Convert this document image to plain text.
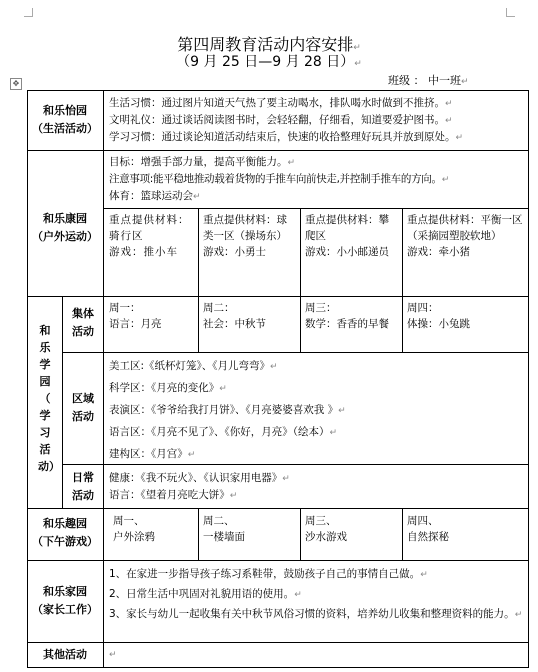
第四周教育活动内容安排↵
（9 月 25 日—9 月 28 日）↵
班级 ： 中一班↵
✥
和乐怡园
（生活活动）
生活习惯：通过图片知道天气热了要主动喝水，排队喝水时做到不推挤。↵
文明礼仪：通过谈话阅读图书时，会轻轻翻，仔细看，知道要爱护图书。↵
学习习惯：通过谈论知道活动结束后，快速的收拾整理好玩具并放到原处。↵
和乐康园
（户外运动）
目标：增强手部力量，提高平衡能力。↵
注意事项:能平稳地推动载着货物的手推车向前快走,并控制手推车的方向。↵
体育：篮球运动会↵
重点提供材料：骑行区
游戏：推小车
重点提供材料：球类一区（操场东）
游戏：小勇士
重点提供材料：攀爬区
游戏：小小邮递员
重点提供材料：平衡一区（采摘园塑胶软地）
游戏：牵小猪
和
乐
学
园
（
学
习
活
动）
集体
活动
周一：
语言：月亮
周二：
社会：中秋节
周三：
数学：香香的早餐
周四：
体操：小兔跳
区域
活动
美工区:《纸杯灯笼》、《月儿弯弯》↵
科学区：《月亮的变化》↵
表演区：《爷爷给我打月饼》、《月亮婆婆喜欢我 》↵
语言区：《月亮不见了》、《你好，月亮》（绘本）↵
建构区：《月宫》↵
日常
活动
健康：《我不玩火》、《认识家用电器》↵
语言：《望着月亮吃大饼》↵
和乐趣园
（下午游戏）
周一、
户外涂鸦
周二、
一楼墙面
周三、
沙水游戏
周四、
自然探秘
和乐家园
（家长工作）
1、在家进一步指导孩子练习系鞋带，鼓励孩子自己的事情自己做。↵
2、日常生活中巩固对礼貌用语的使用。↵
3、家长与幼儿一起收集有关中秋节风俗习惯的资料，培养幼儿收集和整理资料的能力。↵
其他活动	↵
